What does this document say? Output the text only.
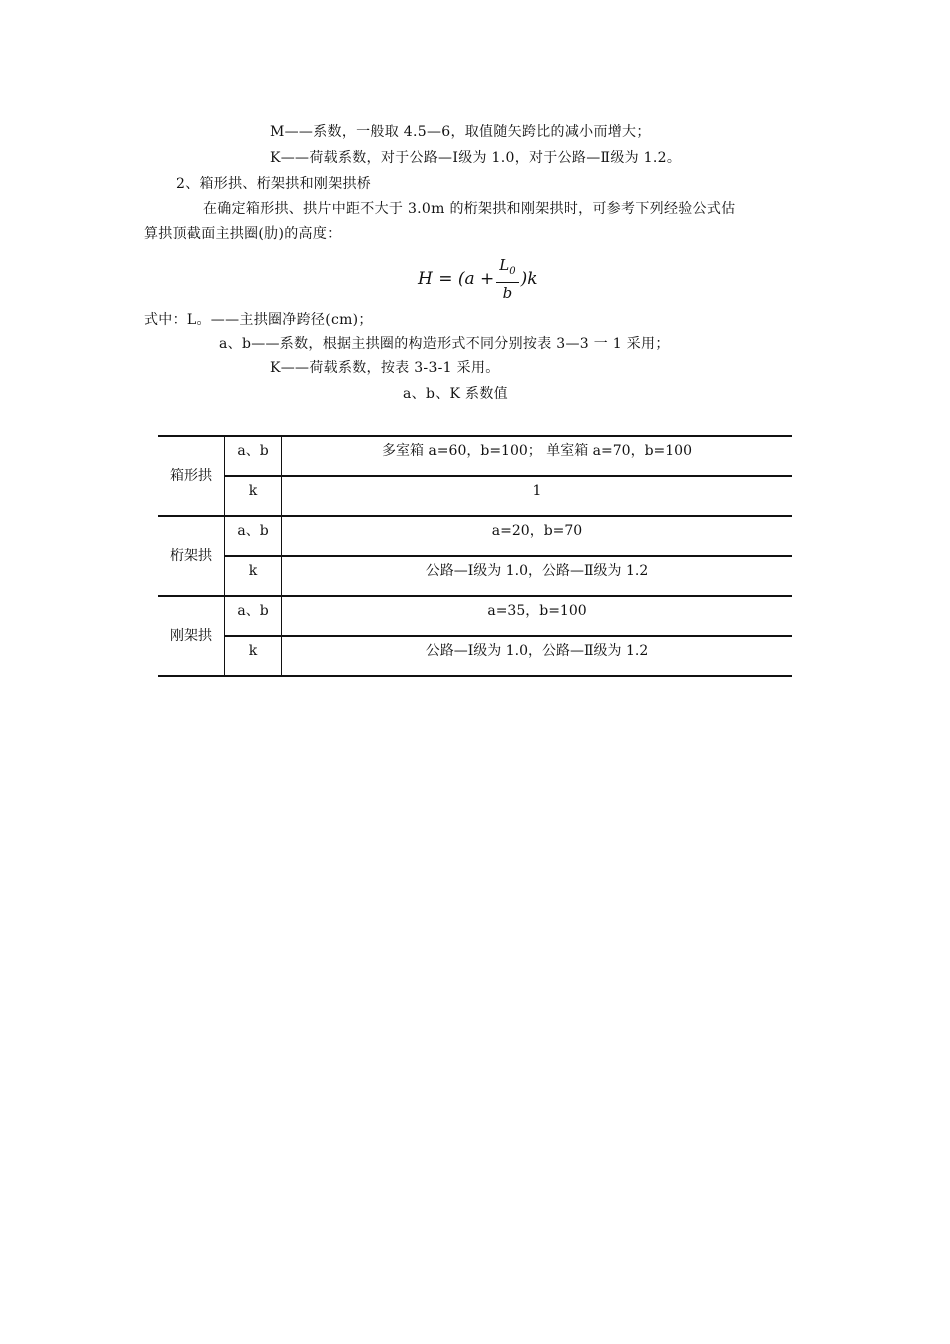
M——系数，一般取 4.5—6，取值随矢跨比的减小而增大；
K——荷载系数，对于公路—Ⅰ级为 1.0，对于公路—Ⅱ级为 1.2。
2、箱形拱、桁架拱和刚架拱桥
在确定箱形拱、拱片中距不大于 3.0m 的桁架拱和刚架拱时，可参考下列经验公式估
算拱顶截面主拱圈(肋)的高度：
$H = (a + \frac{L_0}{b} )k$
式中：L。——主拱圈净跨径(cm)；
a、b——系数，根据主拱圈的构造形式不同分别按表 3—3 一 1 采用；
K——荷载系数，按表 3-3-1 采用。
a、b、K 系数值
箱形拱	a、b	多室箱 a=60，b=100； 单室箱 a=70，b=100
	k	1
桁架拱	a、b	a=20，b=70
	k	公路—Ⅰ级为 1.0，公路—Ⅱ级为 1.2
刚架拱	a、b	a=35，b=100
	k	公路—Ⅰ级为 1.0，公路—Ⅱ级为 1.2
